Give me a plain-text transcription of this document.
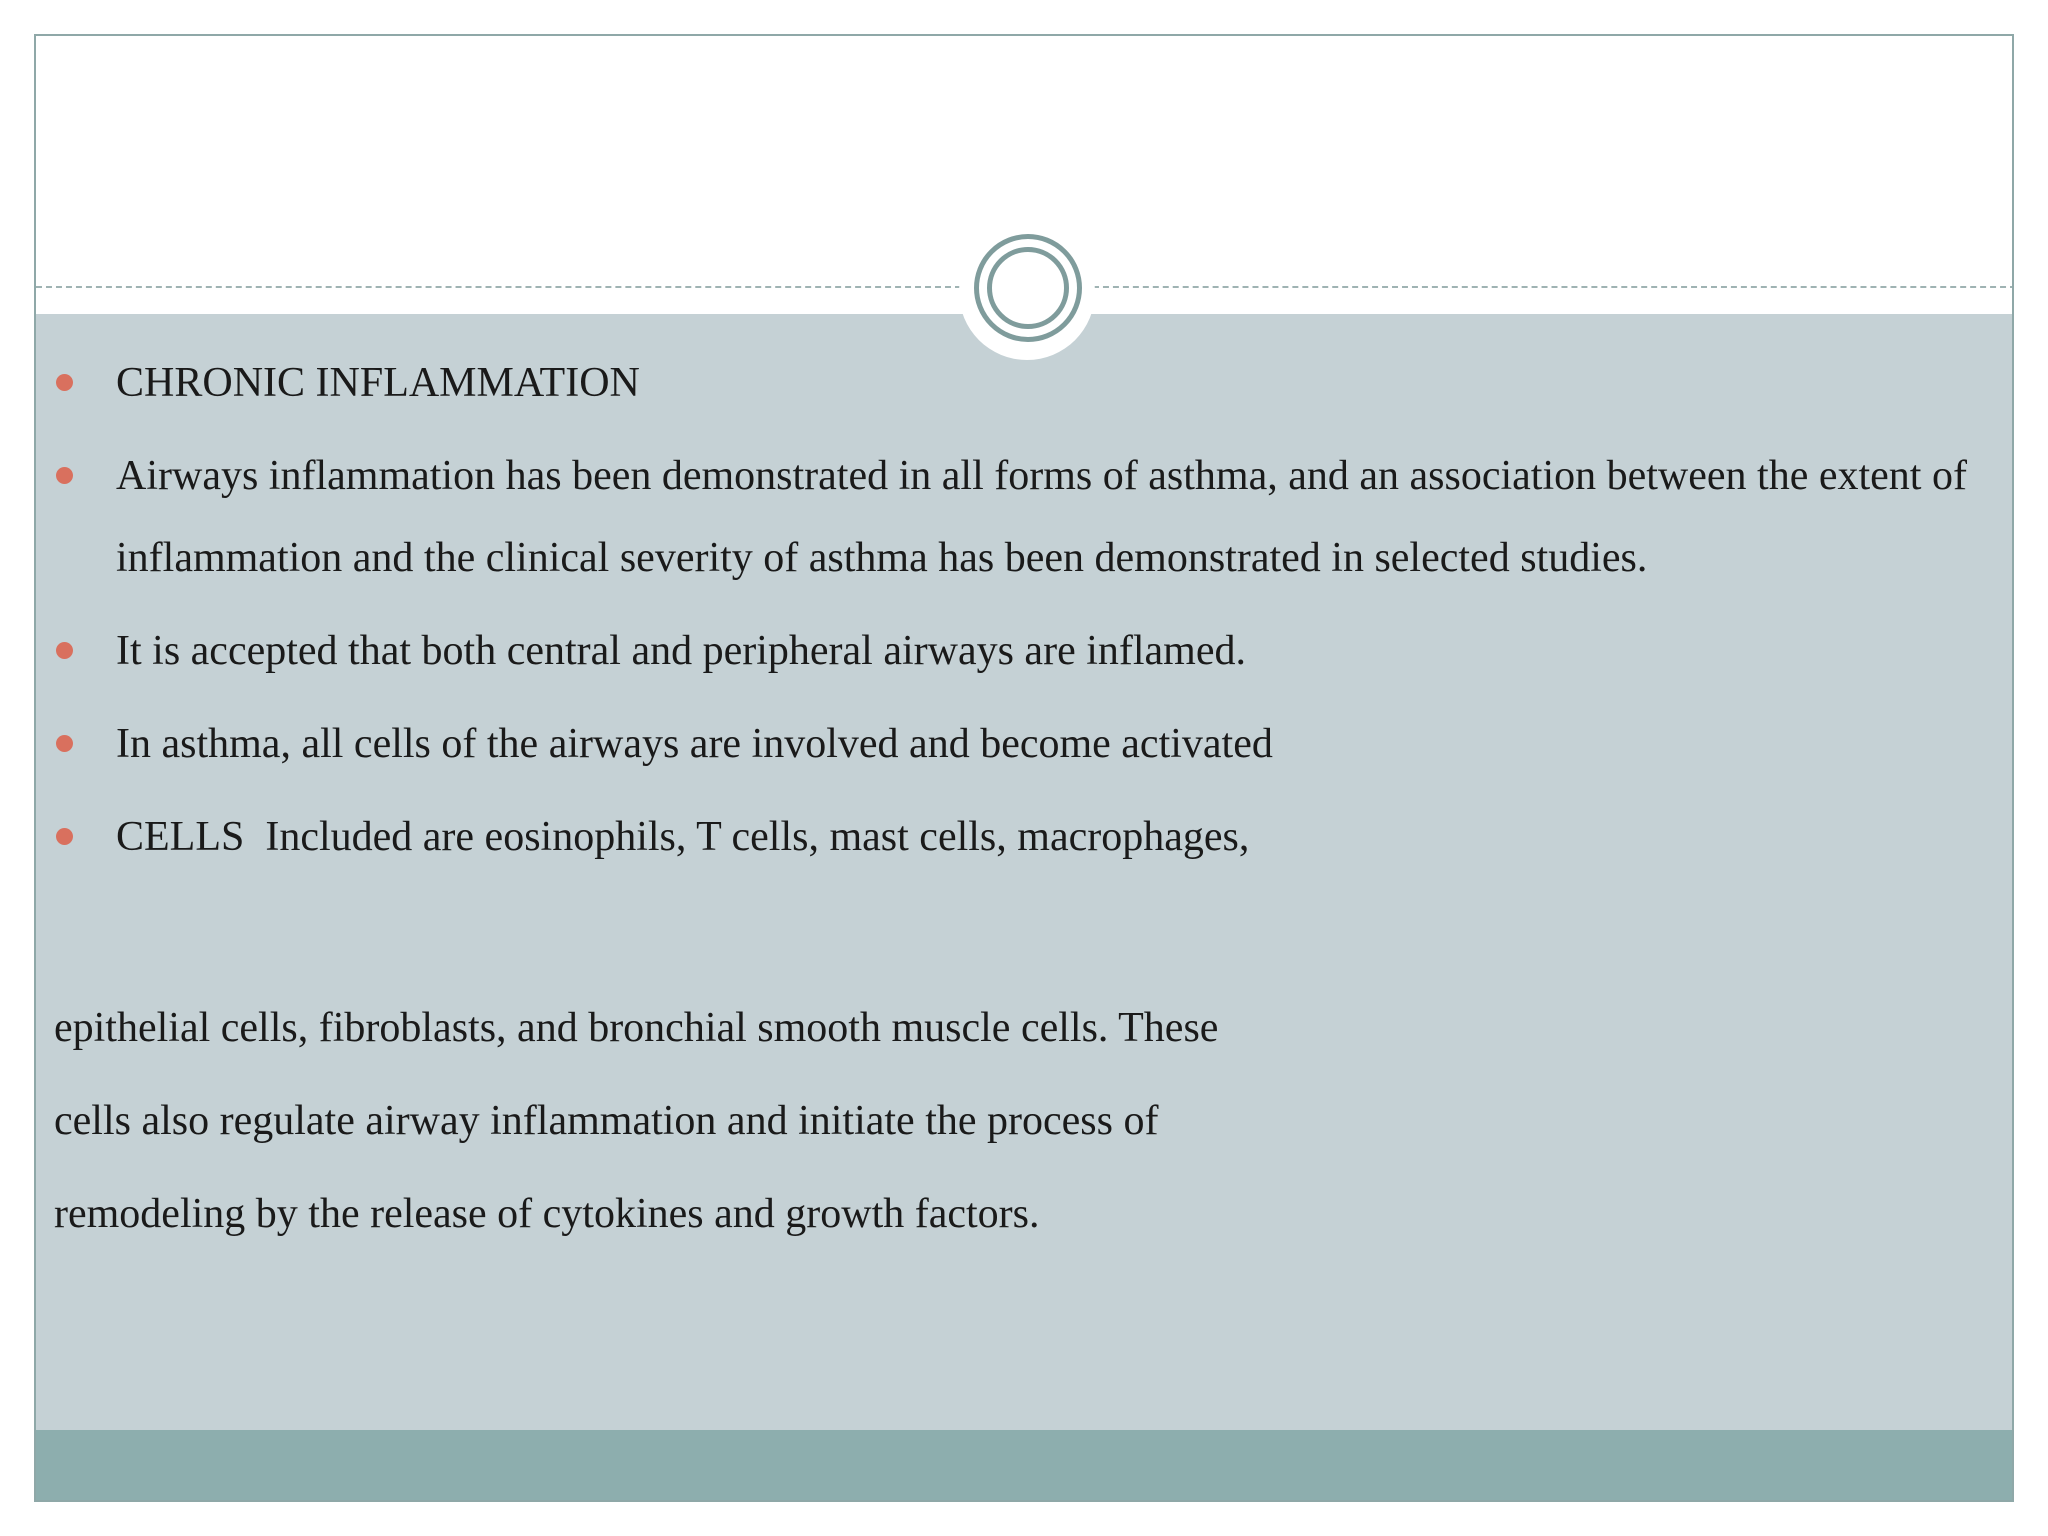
CHRONIC INFLAMMATION
Airways inflammation has been demonstrated in all forms of asthma, and an association between the extent of inflammation and the clinical severity of asthma has been demonstrated in selected studies.
It is accepted that both central and peripheral airways are inflamed.
In asthma, all cells of the airways are involved and become activated
CELLS  Included are eosinophils, T cells, mast cells, macrophages,

epithelial cells, fibroblasts, and bronchial smooth muscle cells. These

cells also regulate airway inflammation and initiate the process of

remodeling by the release of cytokines and growth factors.
